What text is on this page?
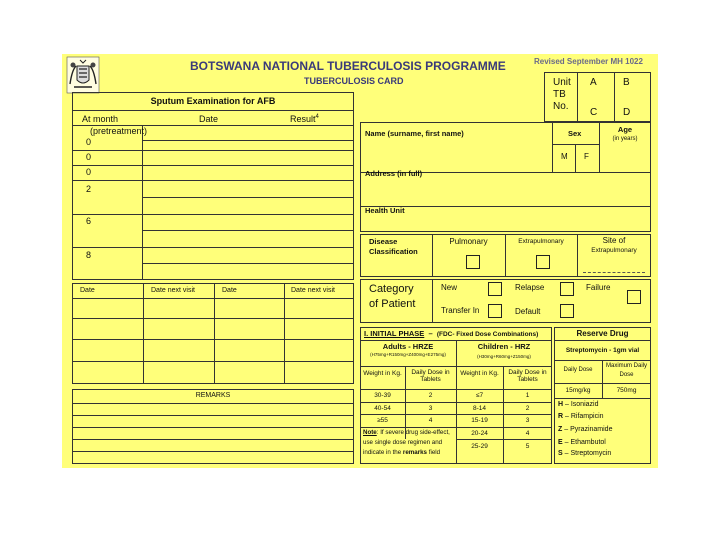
BOTSWANA NATIONAL TUBERCULOSIS PROGRAMME
TUBERCULOSIS CARD
Revised September MH 1022
Unit
TB
No.
A	B
C	D
Sputum Examination for AFB
At month	Date	Result$^4$
(pretreatment)
0
0
0
2
6
8
Name (surname, first name)	Sex	Age
(in years)
M F
Address (in full)
Health Unit
Disease
Classification
Pulmonary	Extrapulmonary	Site of
Extrapulmonary
Category
of Patient
New	Relapse	Failure
Transfer In	Default
Date	Date next visit	Date	Date next visit
REMARKS
I. INITIAL PHASE – (FDC- Fixed Dose Combinations)
Adults - HRZE
(H75mg+R150mg+Z400mg+E275mg)
Children - HRZ
(H30mg+R60mg+Z150mg)
Weight in Kg.	Daily Dose in Tablets
Weight in Kg.	Daily Dose in Tablets
30-39	2
40-54	3
≥55	4
≤7	1
8-14	2
15-19	3
20-24	4
25-29	5
Note: If severe drug side-effect,
use single dose regimen and
indicate in the remarks field
Reserve Drug
Streptomycin - 1gm vial
Daily Dose
Maximum Daily
Dose
15mg/kg	750mg
H – Isoniazid
R – Rifampicin
Z – Pyrazinamide
E – Ethambutol
S – Streptomycin
